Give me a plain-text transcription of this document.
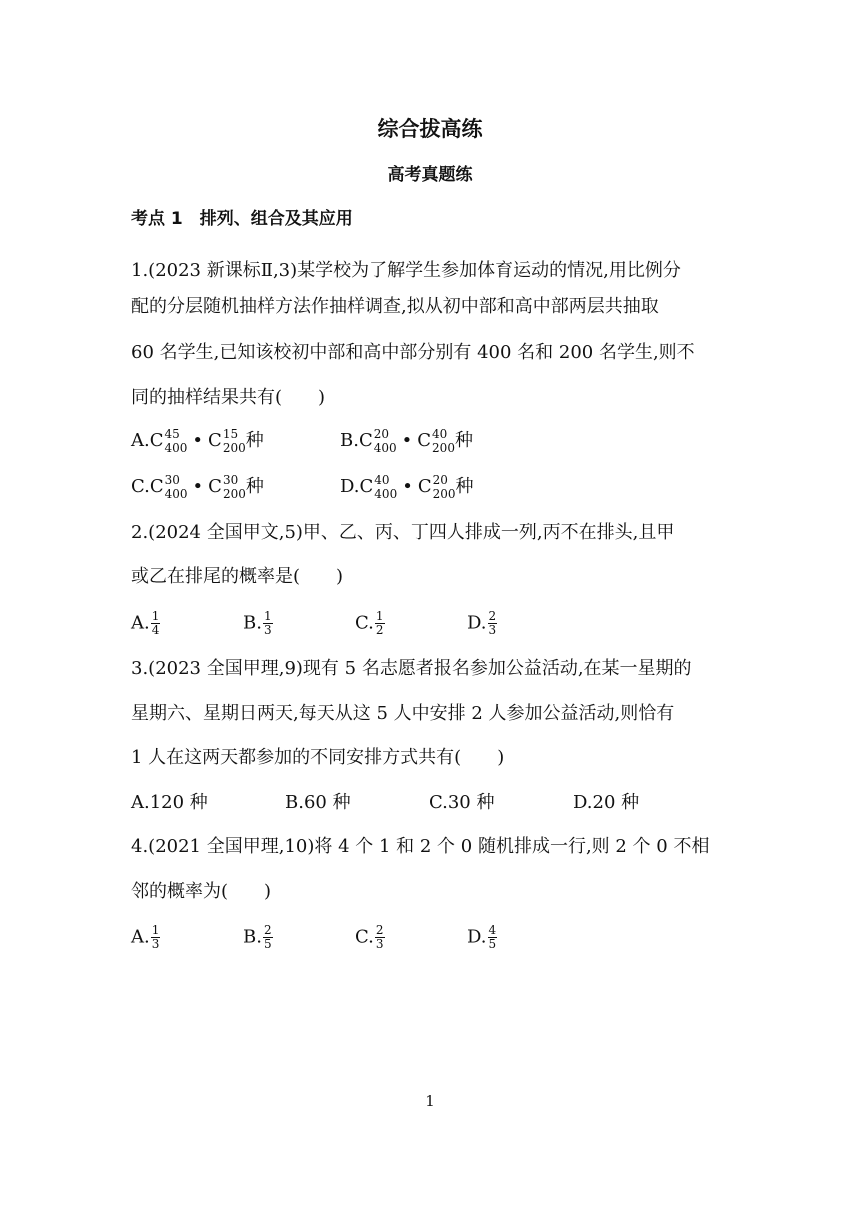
综合拔高练
高考真题练
考点 1　排列、组合及其应用
1.(2023 新课标Ⅱ,3)某学校为了解学生参加体育运动的情况,用比例分
配的分层随机抽样方法作抽样调查,拟从初中部和高中部两层共抽取
60 名学生,已知该校初中部和高中部分别有 400 名和 200 名学生,则不
同的抽样结果共有(　　)
A. C 45
400 • C 15
200 种	B. C 20
400 • C 40
200 种
C. C 30
400 • C 30
200 种	D. C 40
400 • C 20
200 种
2.(2024 全国甲文,5)甲、乙、丙、丁四人排成一列,丙不在排头,且甲
或乙在排尾的概率是(　　)
A. $\frac{1}{4}$	B. $\frac{1}{3}$	C. $\frac{1}{2}$	D. $\frac{2}{3}$
3.(2023 全国甲理,9)现有 5 名志愿者报名参加公益活动,在某一星期的
星期六、星期日两天,每天从这 5 人中安排 2 人参加公益活动,则恰有
1 人在这两天都参加的不同安排方式共有(　　)
A.120 种	B.60 种	C.30 种	D.20 种
4.(2021 全国甲理,10)将 4 个 1 和 2 个 0 随机排成一行,则 2 个 0 不相
邻的概率为(　　)
A. $\frac{1}{3}$	B. $\frac{2}{5}$	C. $\frac{2}{3}$	D. $\frac{4}{5}$
1
